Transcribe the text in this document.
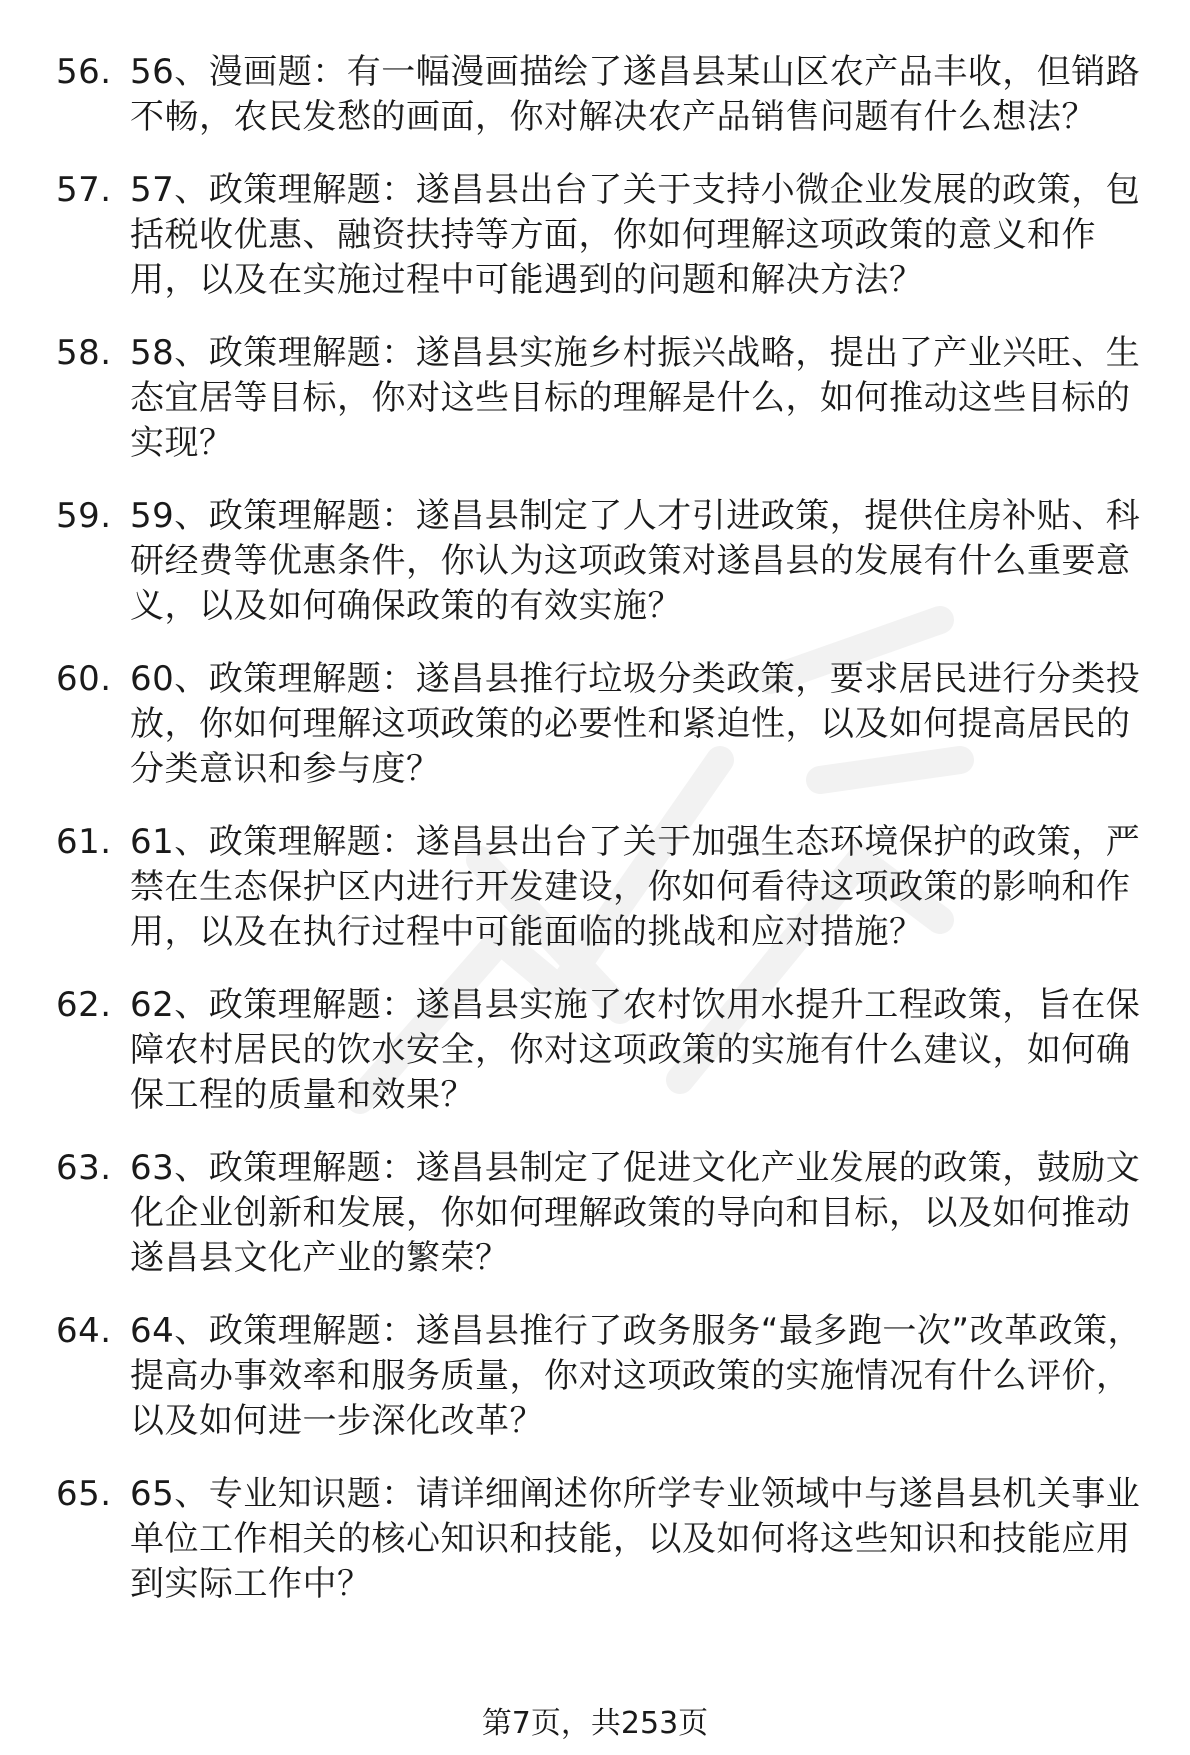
56. 56、漫画题：有一幅漫画描绘了遂昌县某山区农产品丰收，但销路不畅，农民发愁的画面，你对解决农产品销售问题有什么想法？
57. 57、政策理解题：遂昌县出台了关于支持小微企业发展的政策，包括税收优惠、融资扶持等方面，你如何理解这项政策的意义和作用，以及在实施过程中可能遇到的问题和解决方法？
58. 58、政策理解题：遂昌县实施乡村振兴战略，提出了产业兴旺、生态宜居等目标，你对这些目标的理解是什么，如何推动这些目标的实现？
59. 59、政策理解题：遂昌县制定了人才引进政策，提供住房补贴、科研经费等优惠条件，你认为这项政策对遂昌县的发展有什么重要意义，以及如何确保政策的有效实施？
60. 60、政策理解题：遂昌县推行垃圾分类政策，要求居民进行分类投放，你如何理解这项政策的必要性和紧迫性，以及如何提高居民的分类意识和参与度？
61. 61、政策理解题：遂昌县出台了关于加强生态环境保护的政策，严禁在生态保护区内进行开发建设，你如何看待这项政策的影响和作用，以及在执行过程中可能面临的挑战和应对措施？
62. 62、政策理解题：遂昌县实施了农村饮用水提升工程政策，旨在保障农村居民的饮水安全，你对这项政策的实施有什么建议，如何确保工程的质量和效果？
63. 63、政策理解题：遂昌县制定了促进文化产业发展的政策，鼓励文化企业创新和发展，你如何理解政策的导向和目标，以及如何推动遂昌县文化产业的繁荣？
64. 64、政策理解题：遂昌县推行了政务服务“最多跑一次”改革政策，提高办事效率和服务质量，你对这项政策的实施情况有什么评价，以及如何进一步深化改革？
65. 65、专业知识题：请详细阐述你所学专业领域中与遂昌县机关事业单位工作相关的核心知识和技能，以及如何将这些知识和技能应用到实际工作中？
第7页，共253页
